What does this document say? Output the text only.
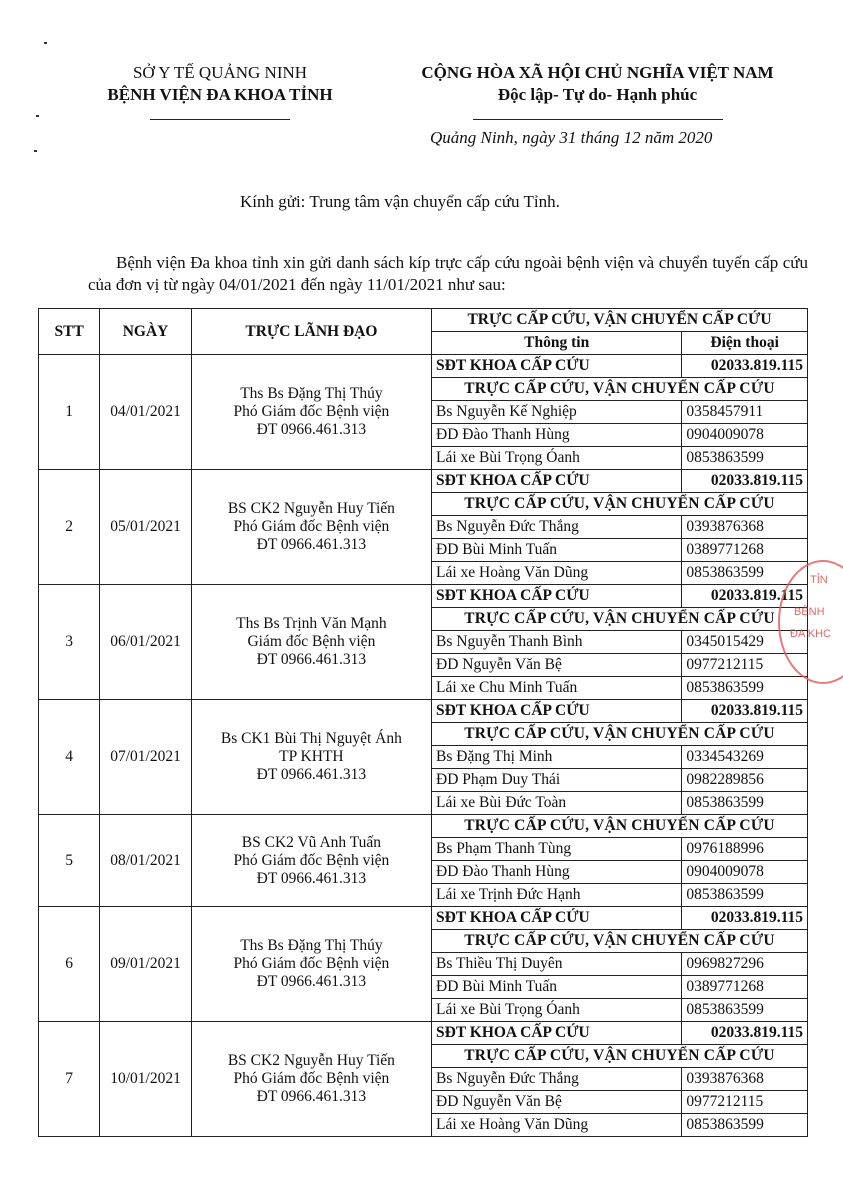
SỞ Y TẾ QUẢNG NINH
BỆNH VIỆN ĐA KHOA TỈNH
CỘNG HÒA XÃ HỘI CHỦ NGHĨA VIỆT NAM
Độc lập- Tự do- Hạnh phúc
Quảng Ninh, ngày 31 tháng 12 năm 2020
Kính gửi: Trung tâm vận chuyển cấp cứu Tỉnh.
Bệnh viện Đa khoa tỉnh xin gửi danh sách kíp trực cấp cứu ngoài bệnh viện và chuyển tuyến cấp cứu của đơn vị từ ngày 04/01/2021 đến ngày 11/01/2021 như sau:
STT	NGÀY	TRỰC LÃNH ĐẠO	TRỰC CẤP CỨU, VẬN CHUYỂN CẤP CỨU	
			Thông tin	Điện thoại
1	04/01/2021	Ths Bs Đặng Thị Thúy
Phó Giám đốc Bệnh viện
ĐT 0966.461.313	SĐT KHOA CẤP CỨU	02033.819.115
			TRỰC CẤP CỨU, VẬN CHUYỂN CẤP CỨU	
			Bs Nguyễn Kế Nghiệp	0358457911
			ĐD Đào Thanh Hùng	0904009078
			Lái xe Bùi Trọng Óanh	0853863599
2	05/01/2021	BS CK2 Nguyễn Huy Tiến
Phó Giám đốc Bệnh viện
ĐT 0966.461.313	SĐT KHOA CẤP CỨU	02033.819.115
			TRỰC CẤP CỨU, VẬN CHUYỂN CẤP CỨU	
			Bs Nguyễn Đức Thắng	0393876368
			ĐD Bùi Minh Tuấn	0389771268
			Lái xe Hoàng Văn Dũng	0853863599
3	06/01/2021	Ths Bs Trịnh Văn Mạnh
Giám đốc Bệnh viện
ĐT 0966.461.313	SĐT KHOA CẤP CỨU	02033.819.115
			TRỰC CẤP CỨU, VẬN CHUYỂN CẤP CỨU	
			Bs Nguyễn Thanh Bình	0345015429
			ĐD Nguyễn Văn Bệ	0977212115
			Lái xe Chu Minh Tuấn	0853863599
4	07/01/2021	Bs CK1 Bùi Thị Nguyệt Ánh
TP KHTH
ĐT 0966.461.313	SĐT KHOA CẤP CỨU	02033.819.115
			TRỰC CẤP CỨU, VẬN CHUYỂN CẤP CỨU	
			Bs Đặng Thị Minh	0334543269
			ĐD Phạm Duy Thái	0982289856
			Lái xe Bùi Đức Toàn	0853863599
5	08/01/2021	BS CK2 Vũ Anh Tuấn
Phó Giám đốc Bệnh viện
ĐT 0966.461.313	TRỰC CẤP CỨU, VẬN CHUYỂN CẤP CỨU	
			Bs Phạm Thanh Tùng	0976188996
			ĐD Đào Thanh Hùng	0904009078
			Lái xe Trịnh Đức Hạnh	0853863599
6	09/01/2021	Ths Bs Đặng Thị Thúy
Phó Giám đốc Bệnh viện
ĐT 0966.461.313	SĐT KHOA CẤP CỨU	02033.819.115
			TRỰC CẤP CỨU, VẬN CHUYỂN CẤP CỨU	
			Bs Thiều Thị Duyên	0969827296
			ĐD Bùi Minh Tuấn	0389771268
			Lái xe Bùi Trọng Óanh	0853863599
7	10/01/2021	BS CK2 Nguyễn Huy Tiến
Phó Giám đốc Bệnh viện
ĐT 0966.461.313	SĐT KHOA CẤP CỨU	02033.819.115
			TRỰC CẤP CỨU, VẬN CHUYỂN CẤP CỨU	
			Bs Nguyễn Đức Thắng	0393876368
			ĐD Nguyễn Văn Bệ	0977212115
			Lái xe Hoàng Văn Dũng	0853863599
TỈN
BỆNH
ĐA KHC
